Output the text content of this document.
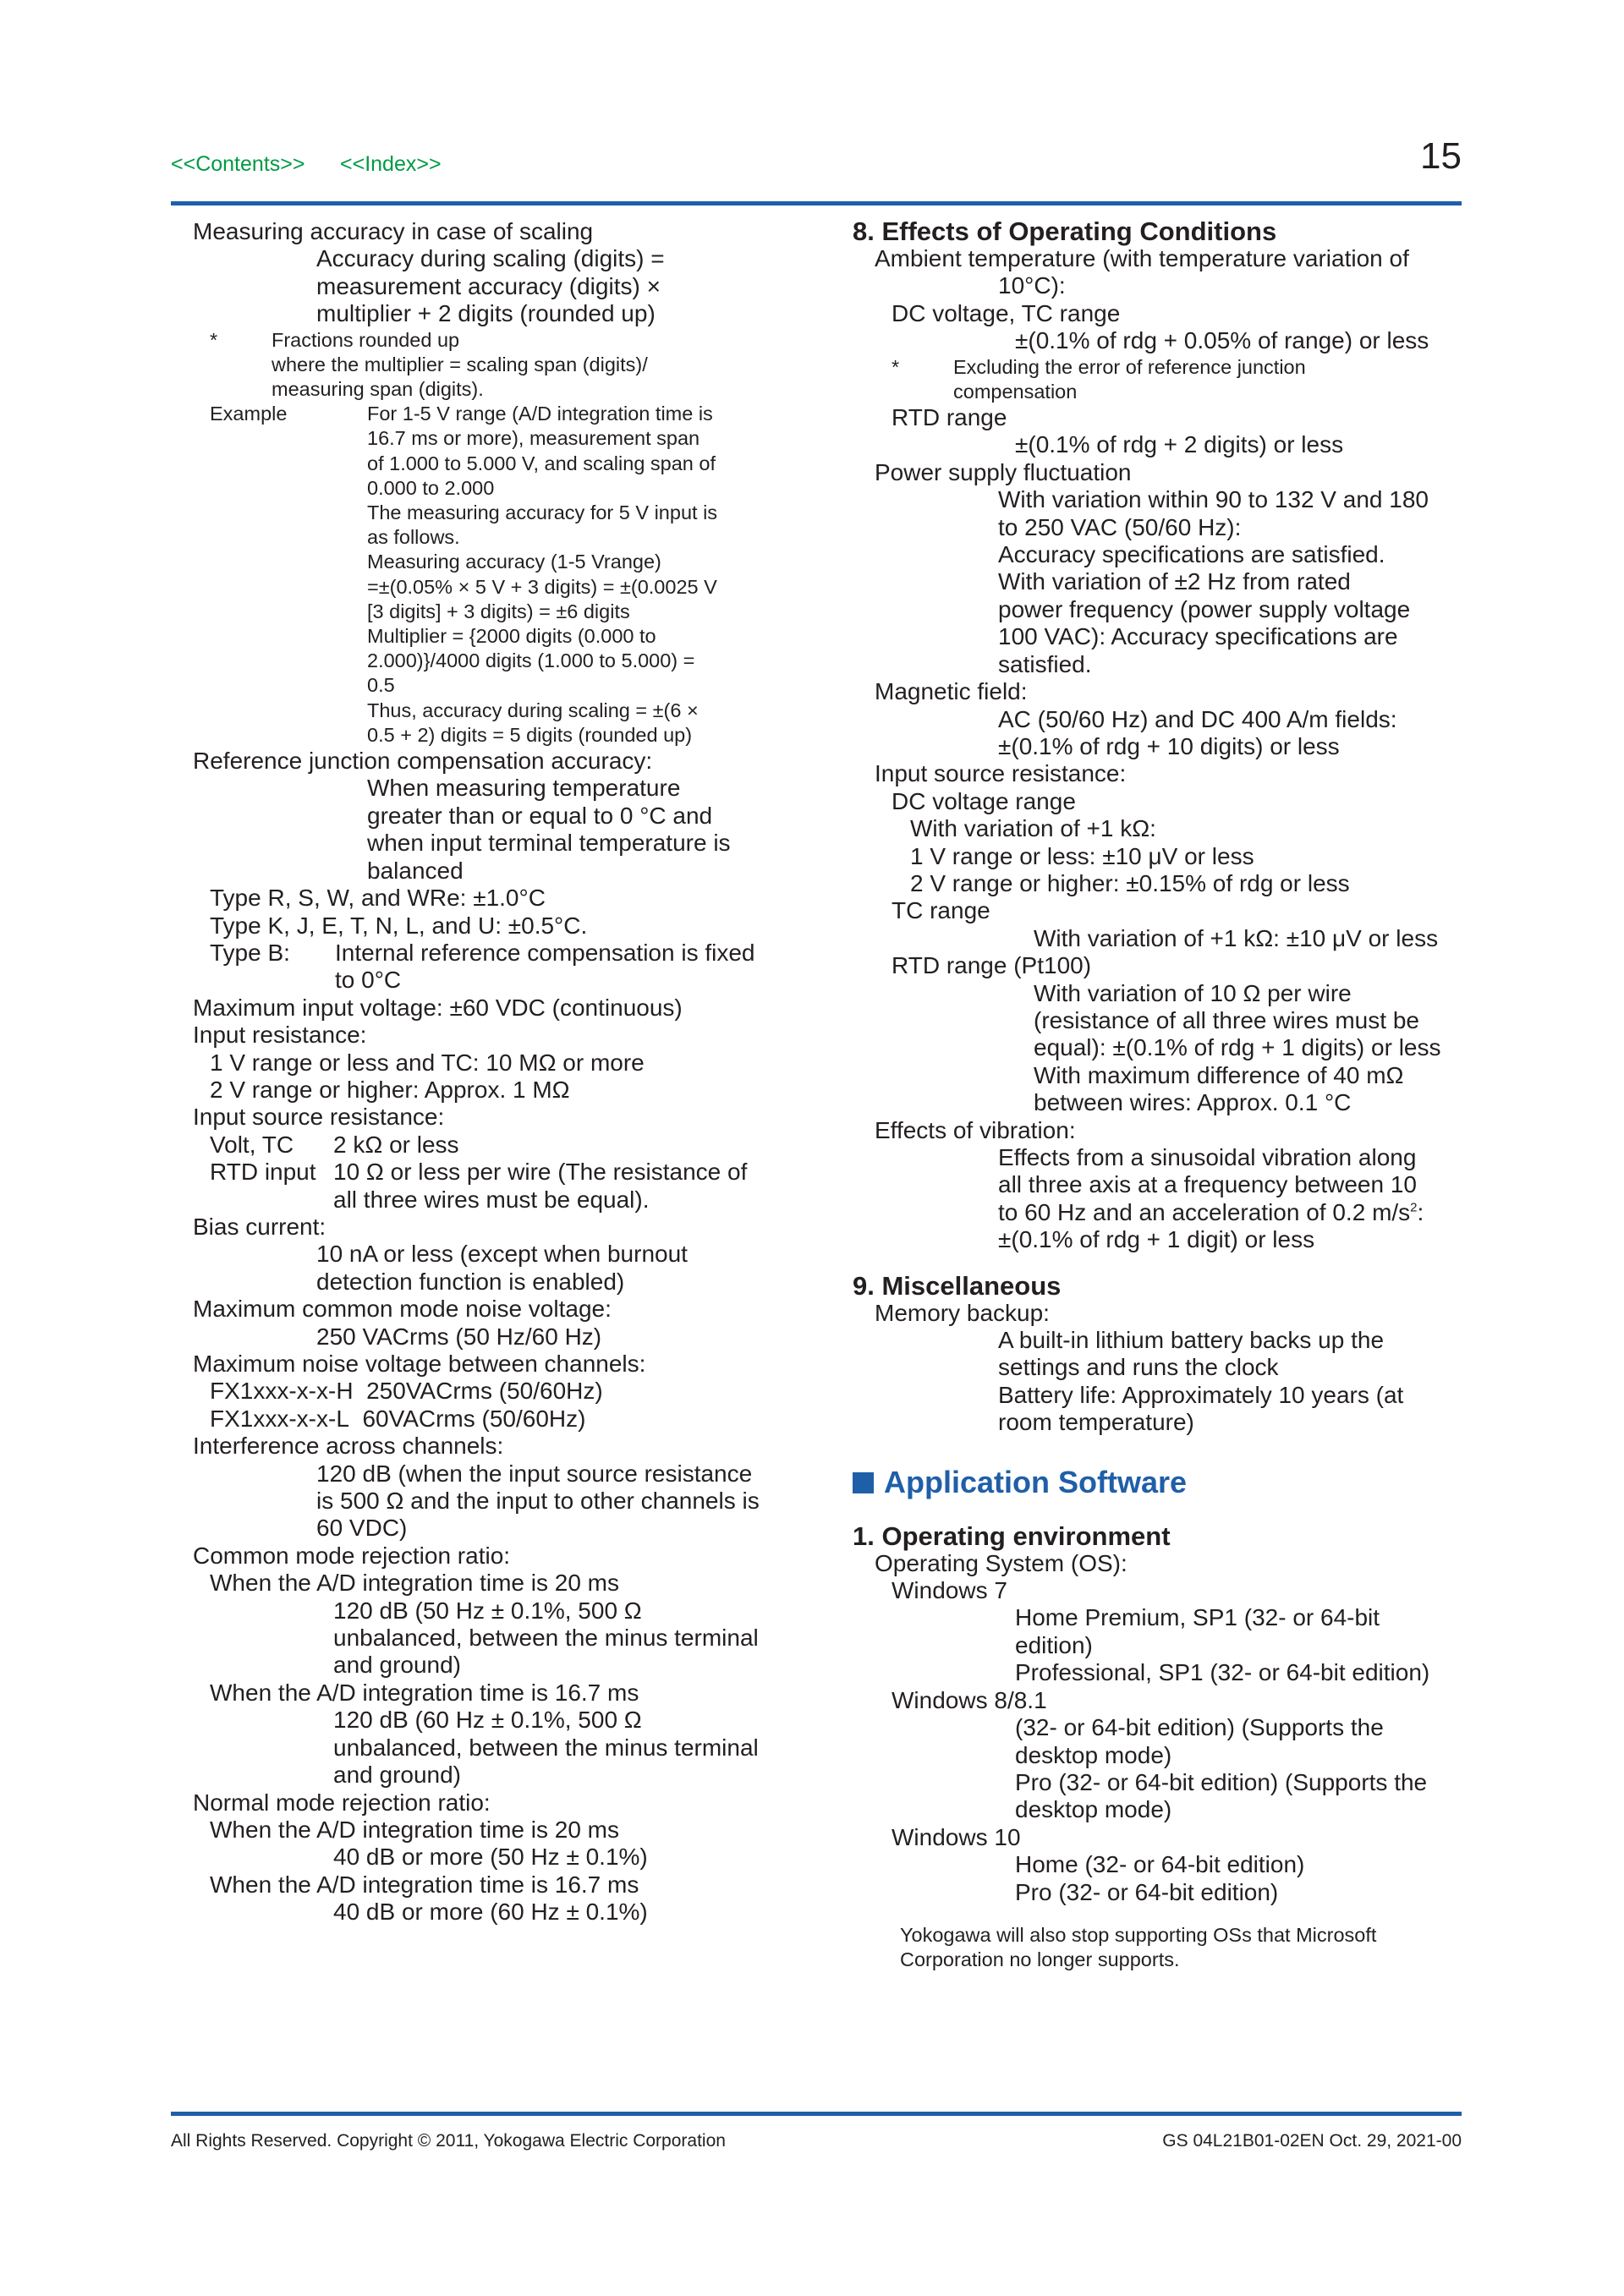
<<Contents>> <<Index>>	15
Measuring accuracy in case of scaling
Accuracy during scaling (digits) =
measurement accuracy (digits) ×
multiplier + 2 digits (rounded up)
*	Fractions rounded up
where the multiplier = scaling span (digits)/
measuring span (digits).
Example	For 1-5 V range (A/D integration time is
16.7 ms or more), measurement span
of 1.000 to 5.000 V, and scaling span of
0.000 to 2.000
The measuring accuracy for 5 V input is
as follows.
Measuring accuracy (1-5 Vrange)
=±(0.05% × 5 V + 3 digits) = ±(0.0025 V
[3 digits] + 3 digits) = ±6 digits
Multiplier = {2000 digits (0.000 to
2.000)}/4000 digits (1.000 to 5.000) =
0.5
Thus, accuracy during scaling = ±(6 ×
0.5 + 2) digits = 5 digits (rounded up)
Reference junction compensation accuracy:
When measuring temperature
greater than or equal to 0 °C and
when input terminal temperature is
balanced
Type R, S, W, and WRe: ±1.0°C
Type K, J, E, T, N, L, and U: ±0.5°C.
Type B: Internal reference compensation is fixed
to 0°C
Maximum input voltage: ±60 VDC (continuous)
Input resistance:
1 V range or less and TC: 10 MΩ or more
2 V range or higher: Approx. 1 MΩ
Input source resistance:
Volt, TC 2 kΩ or less
RTD input 10 Ω or less per wire (The resistance of
all three wires must be equal).
Bias current:
10 nA or less (except when burnout
detection function is enabled)
Maximum common mode noise voltage:
250 VACrms (50 Hz/60 Hz)
Maximum noise voltage between channels:
FX1xxx-x-x-H 250VACrms (50/60Hz)
FX1xxx-x-x-L 60VACrms (50/60Hz)
Interference across channels:
120 dB (when the input source resistance
is 500 Ω and the input to other channels is
60 VDC)
Common mode rejection ratio:
When the A/D integration time is 20 ms
120 dB (50 Hz ± 0.1%, 500 Ω
unbalanced, between the minus terminal
and ground)
When the A/D integration time is 16.7 ms
120 dB (60 Hz ± 0.1%, 500 Ω
unbalanced, between the minus terminal
and ground)
Normal mode rejection ratio:
When the A/D integration time is 20 ms
40 dB or more (50 Hz ± 0.1%)
When the A/D integration time is 16.7 ms
40 dB or more (60 Hz ± 0.1%)
8. Effects of Operating Conditions
Ambient temperature (with temperature variation of
10°C):
DC voltage, TC range
±(0.1% of rdg + 0.05% of range) or less
*	Excluding the error of reference junction
compensation
RTD range
±(0.1% of rdg + 2 digits) or less
Power supply fluctuation
With variation within 90 to 132 V and 180
to 250 VAC (50/60 Hz):
Accuracy specifications are satisfied.
With variation of ±2 Hz from rated
power frequency (power supply voltage
100 VAC): Accuracy specifications are
satisfied.
Magnetic field:
AC (50/60 Hz) and DC 400 A/m fields:
±(0.1% of rdg + 10 digits) or less
Input source resistance:
DC voltage range
With variation of +1 kΩ:
1 V range or less: ±10 μV or less
2 V range or higher: ±0.15% of rdg or less
TC range
With variation of +1 kΩ: ±10 μV or less
RTD range (Pt100)
With variation of 10 Ω per wire
(resistance of all three wires must be
equal): ±(0.1% of rdg + 1 digits) or less
With maximum difference of 40 mΩ
between wires: Approx. 0.1 °C
Effects of vibration:
Effects from a sinusoidal vibration along
all three axis at a frequency between 10
to 60 Hz and an acceleration of 0.2 $m/s^2$:
±(0.1% of rdg + 1 digit) or less
9. Miscellaneous
Memory backup:
A built-in lithium battery backs up the
settings and runs the clock
Battery life: Approximately 10 years (at
room temperature)
Application Software
1. Operating environment
Operating System (OS):
Windows 7
Home Premium, SP1 (32- or 64-bit
edition)
Professional, SP1 (32- or 64-bit edition)
Windows 8/8.1
(32- or 64-bit edition) (Supports the
desktop mode)
Pro (32- or 64-bit edition) (Supports the
desktop mode)
Windows 10
Home (32- or 64-bit edition)
Pro (32- or 64-bit edition)
Yokogawa will also stop supporting OSs that Microsoft
Corporation no longer supports.
All Rights Reserved. Copyright © 2011, Yokogawa Electric Corporation	GS 04L21B01-02EN Oct. 29, 2021-00
